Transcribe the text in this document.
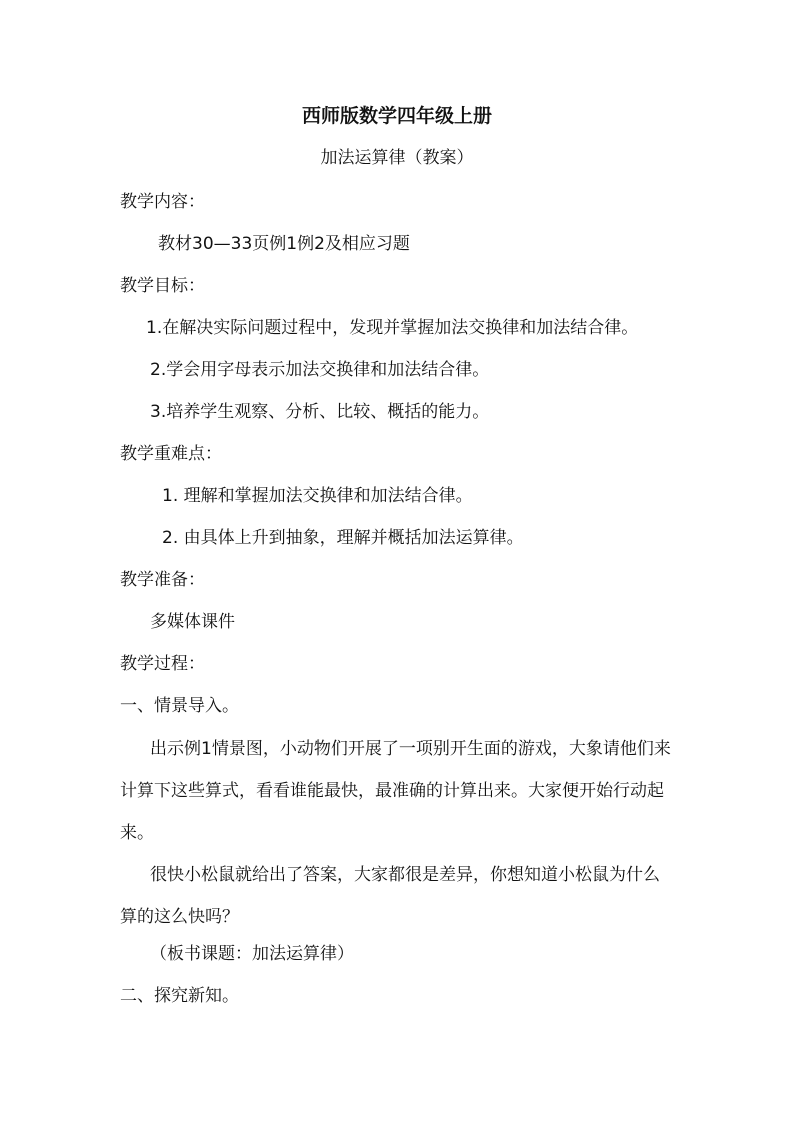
西师版数学四年级上册
加法运算律（教案）
教学内容：
教材30—33页例1例2及相应习题
教学目标：
1.在解决实际问题过程中，发现并掌握加法交换律和加法结合律。
2.学会用字母表示加法交换律和加法结合律。
3.培养学生观察、分析、比较、概括的能力。
教学重难点：
1. 理解和掌握加法交换律和加法结合律。
2. 由具体上升到抽象，理解并概括加法运算律。
教学准备：
多媒体课件
教学过程：
一、情景导入。
出示例1情景图，小动物们开展了一项别开生面的游戏，大象请他们来计算下这些算式，看看谁能最快，最准确的计算出来。大家便开始行动起来。
很快小松鼠就给出了答案，大家都很是差异，你想知道小松鼠为什么算的这么快吗？
（板书课题：加法运算律）
二、探究新知。
